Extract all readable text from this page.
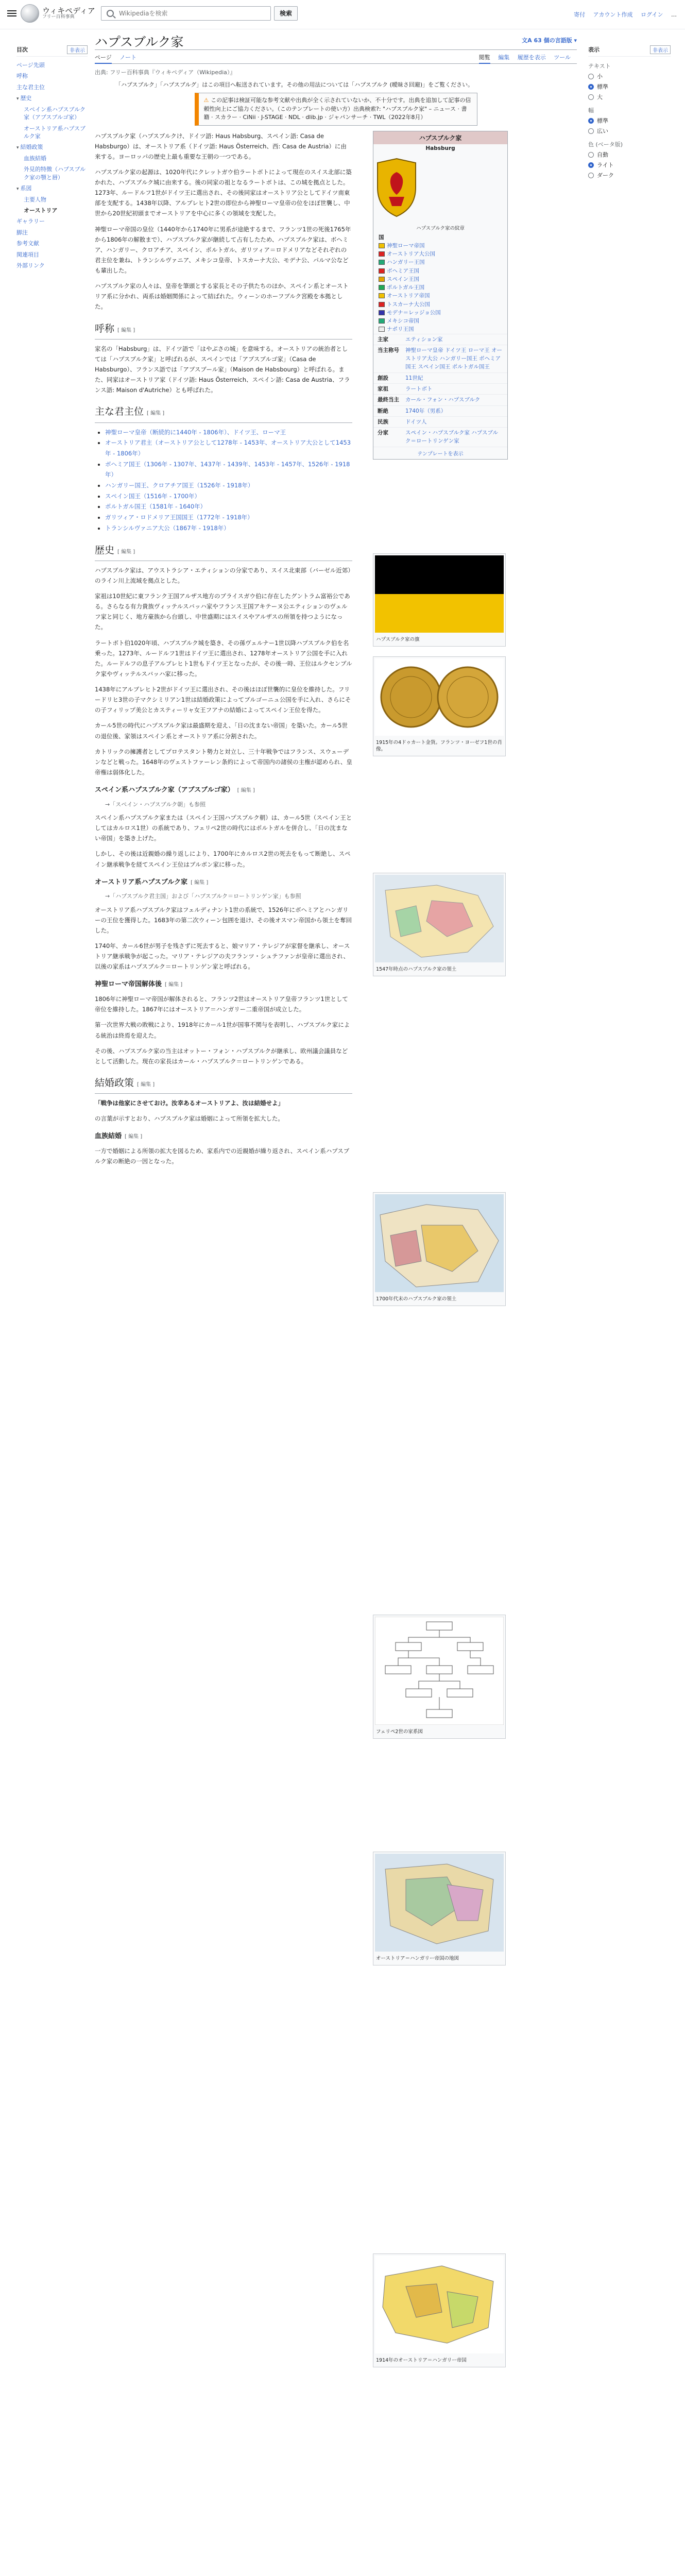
ウィキペディア
フリー百科事典
Wikipediaを検索
検索	寄付 アカウント作成 ログイン …
目次	非表示
ページ先頭
呼称
主な君主位
▾ 歴史
スペイン系ハプスブルク家（アブスブルゴ家）
オーストリア系ハプスブルク家
▾ 結婚政策
血族結婚
外見的特徴（ハプスブルク家の顎と唇）
▾ 系図
主要人物
オーストリア
ギャラリー
脚注
参考文献
関連項目
外部リンク
表示	非表示
テキスト
小
標準
大
幅
標準
広い
色 (ベータ版)
自動
ライト
ダーク
ハプスブルク家	文A 63 個の言語版 ▾
ページ ノート	閲覧 編集 履歴を表示 ツール
出典: フリー百科事典『ウィキペディア（Wikipedia）』
「ハプスブルク」「ハプスブルグ」はこの項目へ転送されています。その他の用法については「ハプスブルク (曖昧さ回避)」をご覧ください。
⚠ この記事は検証可能な参考文献や出典が全く示されていないか、不十分です。出典を追加して記事の信頼性向上にご協力ください。（このテンプレートの使い方）出典検索?: "ハプスブルク家" – ニュース · 書籍 · スカラー · CiNii · J-STAGE · NDL · dlib.jp · ジャパンサーチ · TWL（2022年8月）
ハプスブルク家
Habsburg
ハプスブルク家の紋章
国
神聖ローマ帝国
オーストリア大公国
ハンガリー王国
ボヘミア王国
スペイン王国
ポルトガル王国
オーストリア帝国
トスカーナ大公国
モデナ＝レッジョ公国
メキシコ帝国
ナポリ王国
主家	エティション家
当主称号	神聖ローマ皇帝 ドイツ王 ローマ王 オーストリア大公 ハンガリー国王 ボヘミア国王 スペイン国王 ポルトガル国王
創設	11世紀
家祖	ラートボト
最終当主	カール・フォン・ハプスブルク
断絶	1740年（男系）
民族	ドイツ人
分家	スペイン・ハプスブルク家 ハプスブルク＝ロートリンゲン家
テンプレートを表示
ハプスブルク家の旗
1915年の4ドゥカート金貨。フランツ・ヨーゼフ1世の肖像。
1547年時点のハプスブルク家の領土
1700年代末のハプスブルク家の領土
フェリペ2世の家系図
オーストリア＝ハンガリー帝国の地図
1914年のオーストリア＝ハンガリー帝国

ハプスブルク家（ハプスブルクけ、ドイツ語: Haus Habsburg、スペイン語: Casa de Habsburgo）は、オーストリア系（ドイツ語: Haus Österreich、西: Casa de Austria）に由来する。ヨーロッパの歴史上最も重要な王朝の一つである。

ハプスブルク家の起源は、1020年代にクレットガウ伯ラートボトによって現在のスイス北部に築かれた、ハプスブルク城に由来する。後の同家の祖となるラートボトは、この城を拠点とした。1273年、ルードルフ1世がドイツ王に選出され、その後同家はオーストリア公としてドイツ南東部を支配する。1438年以降、アルブレヒト2世の即位から神聖ローマ皇帝の位をほぼ世襲し、中世から20世紀初頭までオーストリアを中心に多くの領域を支配した。

神聖ローマ帝国の皇位（1440年から1740年に男系が途絶するまで、フランツ1世の死後1765年から1806年の解散まで）、ハプスブルク家が継続して占有したため、ハプスブルク家は、ボヘミア、ハンガリー、クロアチア、スペイン、ポルトガル、ガリツィア＝ロドメリアなどそれぞれの君主位を兼ね、トランシルヴァニア、メキシコ皇帝、トスカーナ大公、モデナ公、パルマ公なども輩出した。

ハプスブルク家の人々は、皇帝を筆頭とする家長とその子供たちのほか、スペイン系とオーストリア系に分かれ、両系は婚姻関係によって結ばれた。ウィーンのホーフブルク宮殿を本拠とした。

呼称 [ 編集 ]

家名の「Habsburg」は、ドイツ語で「はやぶさの城」を意味する。オーストリアの統治者としては「ハプスブルク家」と呼ばれるが、スペインでは「アブスブルゴ家」（Casa de Habsburgo）、フランス語では「アブスブール家」（Maison de Habsbourg）と呼ばれる。また、同家はオーストリア家（ドイツ語: Haus Österreich、スペイン語: Casa de Austria、フランス語: Maison d'Autriche）とも呼ばれた。

主な君主位 [ 編集 ]
• 神聖ローマ皇帝（断続的に1440年 - 1806年）、ドイツ王、ローマ王
• オーストリア君主（オーストリア公として1278年 - 1453年、オーストリア大公として1453年 - 1806年）
• ボヘミア国王（1306年 - 1307年、1437年 - 1439年、1453年 - 1457年、1526年 - 1918年）
• ハンガリー国王、クロアチア国王（1526年 - 1918年）
• スペイン国王（1516年 - 1700年）
• ポルトガル国王（1581年 - 1640年）
• ガリツィア・ロドメリア王国国王（1772年 - 1918年）
• トランシルヴァニア大公（1867年 - 1918年）
歴史 [ 編集 ]

ハプスブルク家は、アウストラシア・エティションの分家であり、スイス北東部（バーゼル近郊）のライン川上流域を拠点とした。

家祖は10世紀に東フランク王国アルザス地方のブライスガウ伯に存在したグントラム富裕公である。さらなる有力貴族ヴィッテルスバッハ家やフランス王国アキテーヌ公エティションのヴェルフ家と同じく、地方豪族から台頭し、中世盛期にはスイスやアルザスの所領を持つようになった。

ラートボト伯1020年頃、ハプスブルク城を築き、その孫ヴェルナー1世以降ハプスブルク伯を名乗った。1273年、ルードルフ1世はドイツ王に選出され、1278年オーストリア公国を手に入れた。ルードルフの息子アルブレヒト1世もドイツ王となったが、その後一時、王位はルクセンブルク家やヴィッテルスバッハ家に移った。

1438年にアルブレヒト2世がドイツ王に選出され、その後はほぼ世襲的に皇位を維持した。フリードリヒ3世の子マクシミリアン1世は結婚政策によってブルゴーニュ公国を手に入れ、さらにその子フィリップ美公とカスティーリャ女王フアナの結婚によってスペイン王位を得た。

カール5世の時代にハプスブルク家は最盛期を迎え、「日の沈まない帝国」を築いた。カール5世の退位後、家領はスペイン系とオーストリア系に分割された。

カトリックの擁護者としてプロテスタント勢力と対立し、三十年戦争ではフランス、スウェーデンなどと戦った。1648年のヴェストファーレン条約によって帝国内の諸侯の主権が認められ、皇帝権は弱体化した。

スペイン系ハプスブルク家（アブスブルゴ家） [ 編集 ]
→「スペイン・ハプスブルク朝」も参照

スペイン系ハプスブルク家または（スペイン王国ハプスブルク朝）は、カール5世（スペイン王としてはカルロス1世）の系統であり、フェリペ2世の時代にはポルトガルを併合し、「日の沈まない帝国」を築き上げた。

しかし、その後は近親婚の繰り返しにより、1700年にカルロス2世の死去をもって断絶し、スペイン継承戦争を経てスペイン王位はブルボン家に移った。

オーストリア系ハプスブルク家 [ 編集 ]
→「ハプスブルク君主国」および「ハプスブルク＝ロートリンゲン家」も参照

オーストリア系ハプスブルク家はフェルディナント1世の系統で、1526年にボヘミアとハンガリーの王位を獲得した。1683年の第二次ウィーン包囲を退け、その後オスマン帝国から領土を奪回した。

1740年、カール6世が男子を残さずに死去すると、娘マリア・テレジアが家督を継承し、オーストリア継承戦争が起こった。マリア・テレジアの夫フランツ・シュテファンが皇帝に選出され、以後の家系はハプスブルク＝ロートリンゲン家と呼ばれる。

神聖ローマ帝国解体後 [ 編集 ]

1806年に神聖ローマ帝国が解体されると、フランツ2世はオーストリア皇帝フランツ1世として帝位を維持した。1867年にはオーストリア＝ハンガリー二重帝国が成立した。

第一次世界大戦の敗戦により、1918年にカール1世が国事不関与を表明し、ハプスブルク家による統治は終焉を迎えた。

その後、ハプスブルク家の当主はオットー・フォン・ハプスブルクが継承し、欧州議会議員などとして活動した。現在の家長はカール・ハプスブルク＝ロートリンゲンである。

結婚政策 [ 編集 ]

「戦争は他家にさせておけ。汝幸あるオーストリアよ、汝は結婚せよ」

の言葉が示すとおり、ハプスブルク家は婚姻によって所領を拡大した。

血族結婚 [ 編集 ]

一方で婚姻による所領の拡大を図るため、家系内での近親婚が繰り返され、スペイン系ハプスブルク家の断絶の一因となった。
